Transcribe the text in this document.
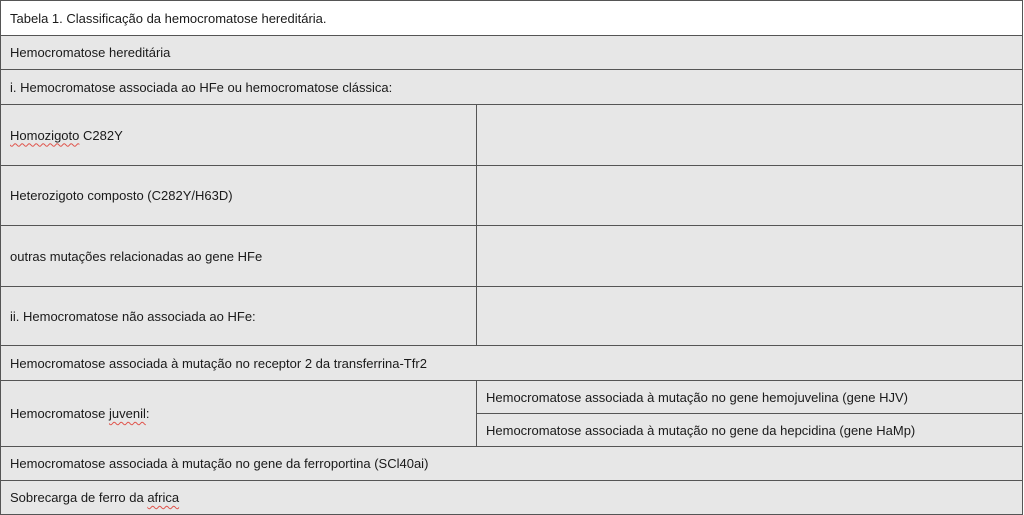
Tabela 1. Classificação da hemocromatose hereditária.	
Hemocromatose hereditária	
i. Hemocromatose associada ao HFe ou hemocromatose clássica:	
Homozigoto C282Y	
Heterozigoto composto (C282Y/H63D)	
outras mutações relacionadas ao gene HFe	
ii. Hemocromatose não associada ao HFe:	
Hemocromatose associada à mutação no receptor 2 da transferrina-Tfr2	
Hemocromatose juvenil:	Hemocromatose associada à mutação no gene hemojuvelina (gene HJV)
	Hemocromatose associada à mutação no gene da hepcidina (gene HaMp)
Hemocromatose associada à mutação no gene da ferroportina (SCl40ai)	
Sobrecarga de ferro da africa	
